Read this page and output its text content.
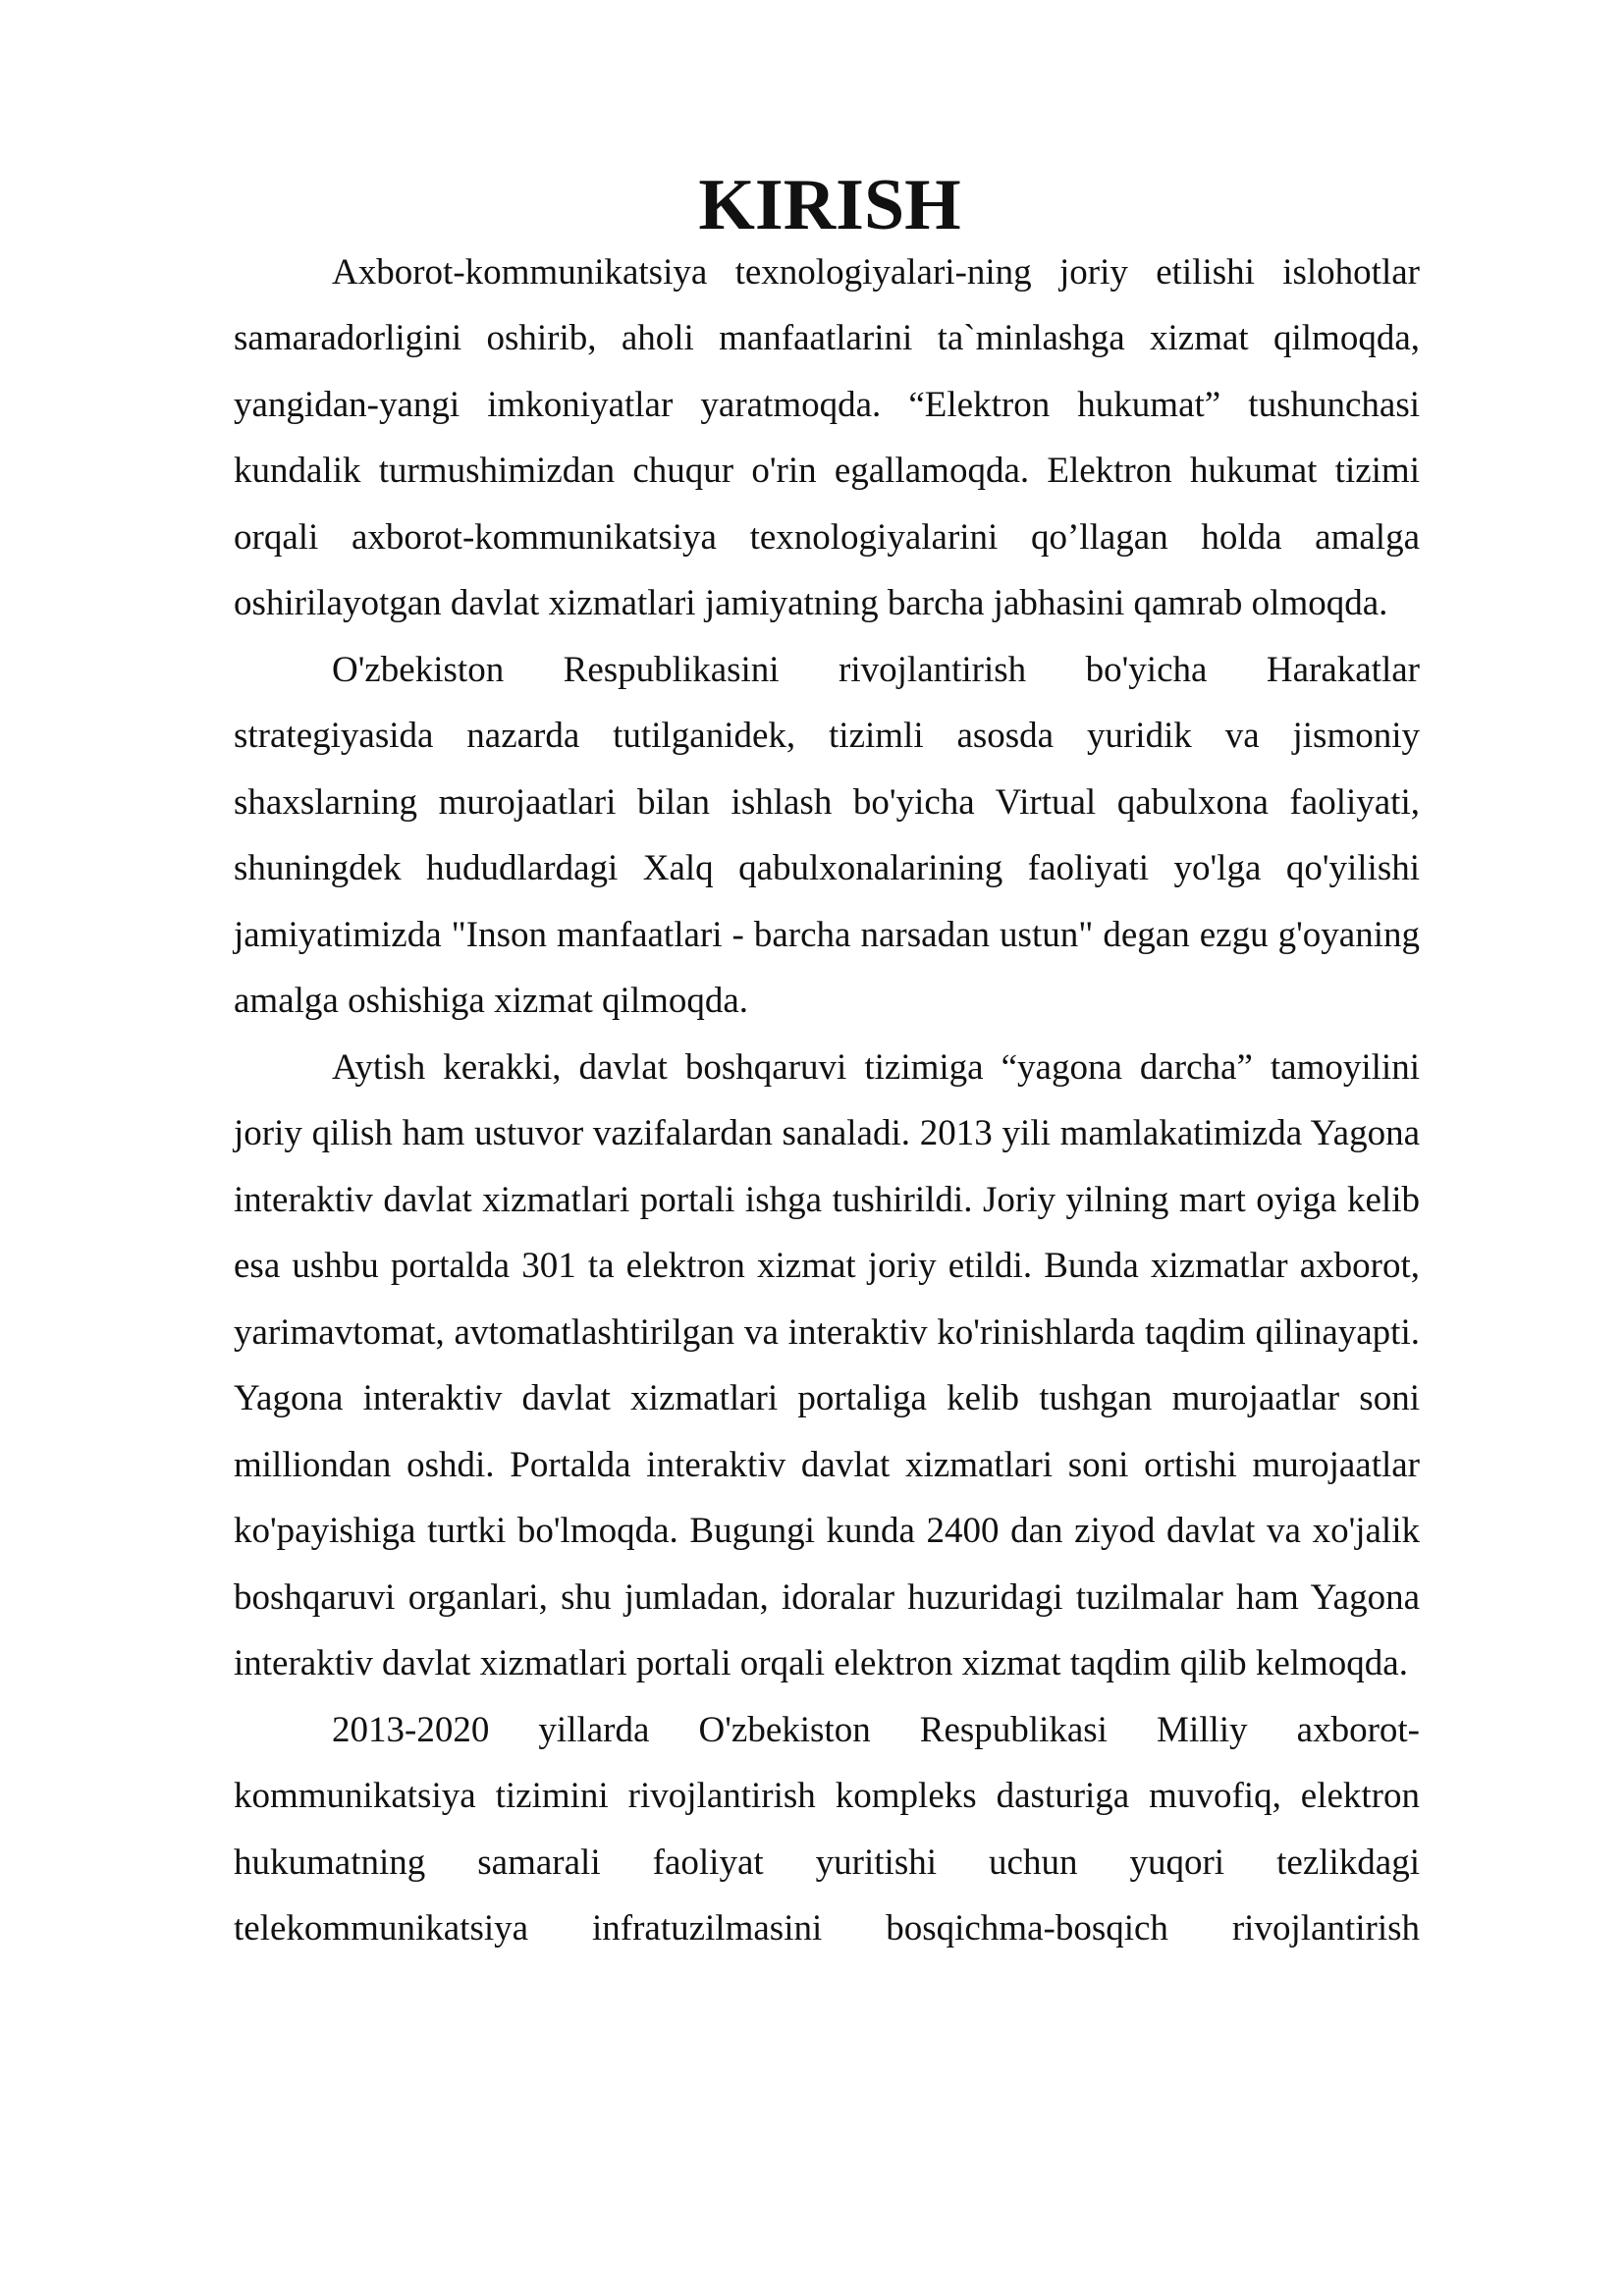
KIRISH

Axborot-kommunikatsiya texnologiyalari-ning joriy etilishi islohotlar samaradorligini oshirib, aholi manfaatlarini ta`minlashga xizmat qilmoqda, yangidan-yangi imkoniyatlar yaratmoqda. “Elektron hukumat” tushunchasi kundalik turmushimizdan chuqur o'rin egallamoqda. Elektron hukumat tizimi orqali axborot-kommunikatsiya texnologiyalarini qo’llagan holda amalga oshirilayotgan davlat xizmatlari jamiyatning barcha jabhasini qamrab olmoqda.

O'zbekiston Respublikasini rivojlantirish bo'yicha Harakatlar strategiyasida nazarda tutilganidek, tizimli asosda yuridik va jismoniy shaxslarning murojaatlari bilan ishlash bo'yicha Virtual qabulxona faoliyati, shuningdek hududlardagi Xalq qabulxonalarining faoliyati yo'lga qo'yilishi jamiyatimizda "Inson manfaatlari - barcha narsadan ustun" degan ezgu g'oyaning amalga oshishiga xizmat qilmoqda.

Aytish kerakki, davlat boshqaruvi tizimiga “yagona darcha” tamoyilini joriy qilish ham ustuvor vazifalardan sanaladi. 2013 yili mamlakatimizda Yagona interaktiv davlat xizmatlari portali ishga tushirildi. Joriy yilning mart oyiga kelib esa ushbu portalda 301 ta elektron xizmat joriy etildi. Bunda xizmatlar axborot, yarimavtomat, avtomatlashtirilgan va interaktiv ko'rinishlarda taqdim qilinayapti. Yagona interaktiv davlat xizmatlari portaliga kelib tushgan murojaatlar soni milliondan oshdi. Portalda interaktiv davlat xizmatlari soni ortishi murojaatlar ko'payishiga turtki bo'lmoqda. Bugungi kunda 2400 dan ziyod davlat va xo'jalik boshqaruvi organlari, shu jumladan, idoralar huzuridagi tuzilmalar ham Yagona interaktiv davlat xizmatlari portali orqali elektron xizmat taqdim qilib kelmoqda.

2013-2020 yillarda O'zbekiston Respublikasi Milliy axborot-kommunikatsiya tizimini rivojlantirish kompleks dasturiga muvofiq, elektron hukumatning samarali faoliyat yuritishi uchun yuqori tezlikdagi telekommunikatsiya infratuzilmasini bosqichma-bosqich rivojlantirish
